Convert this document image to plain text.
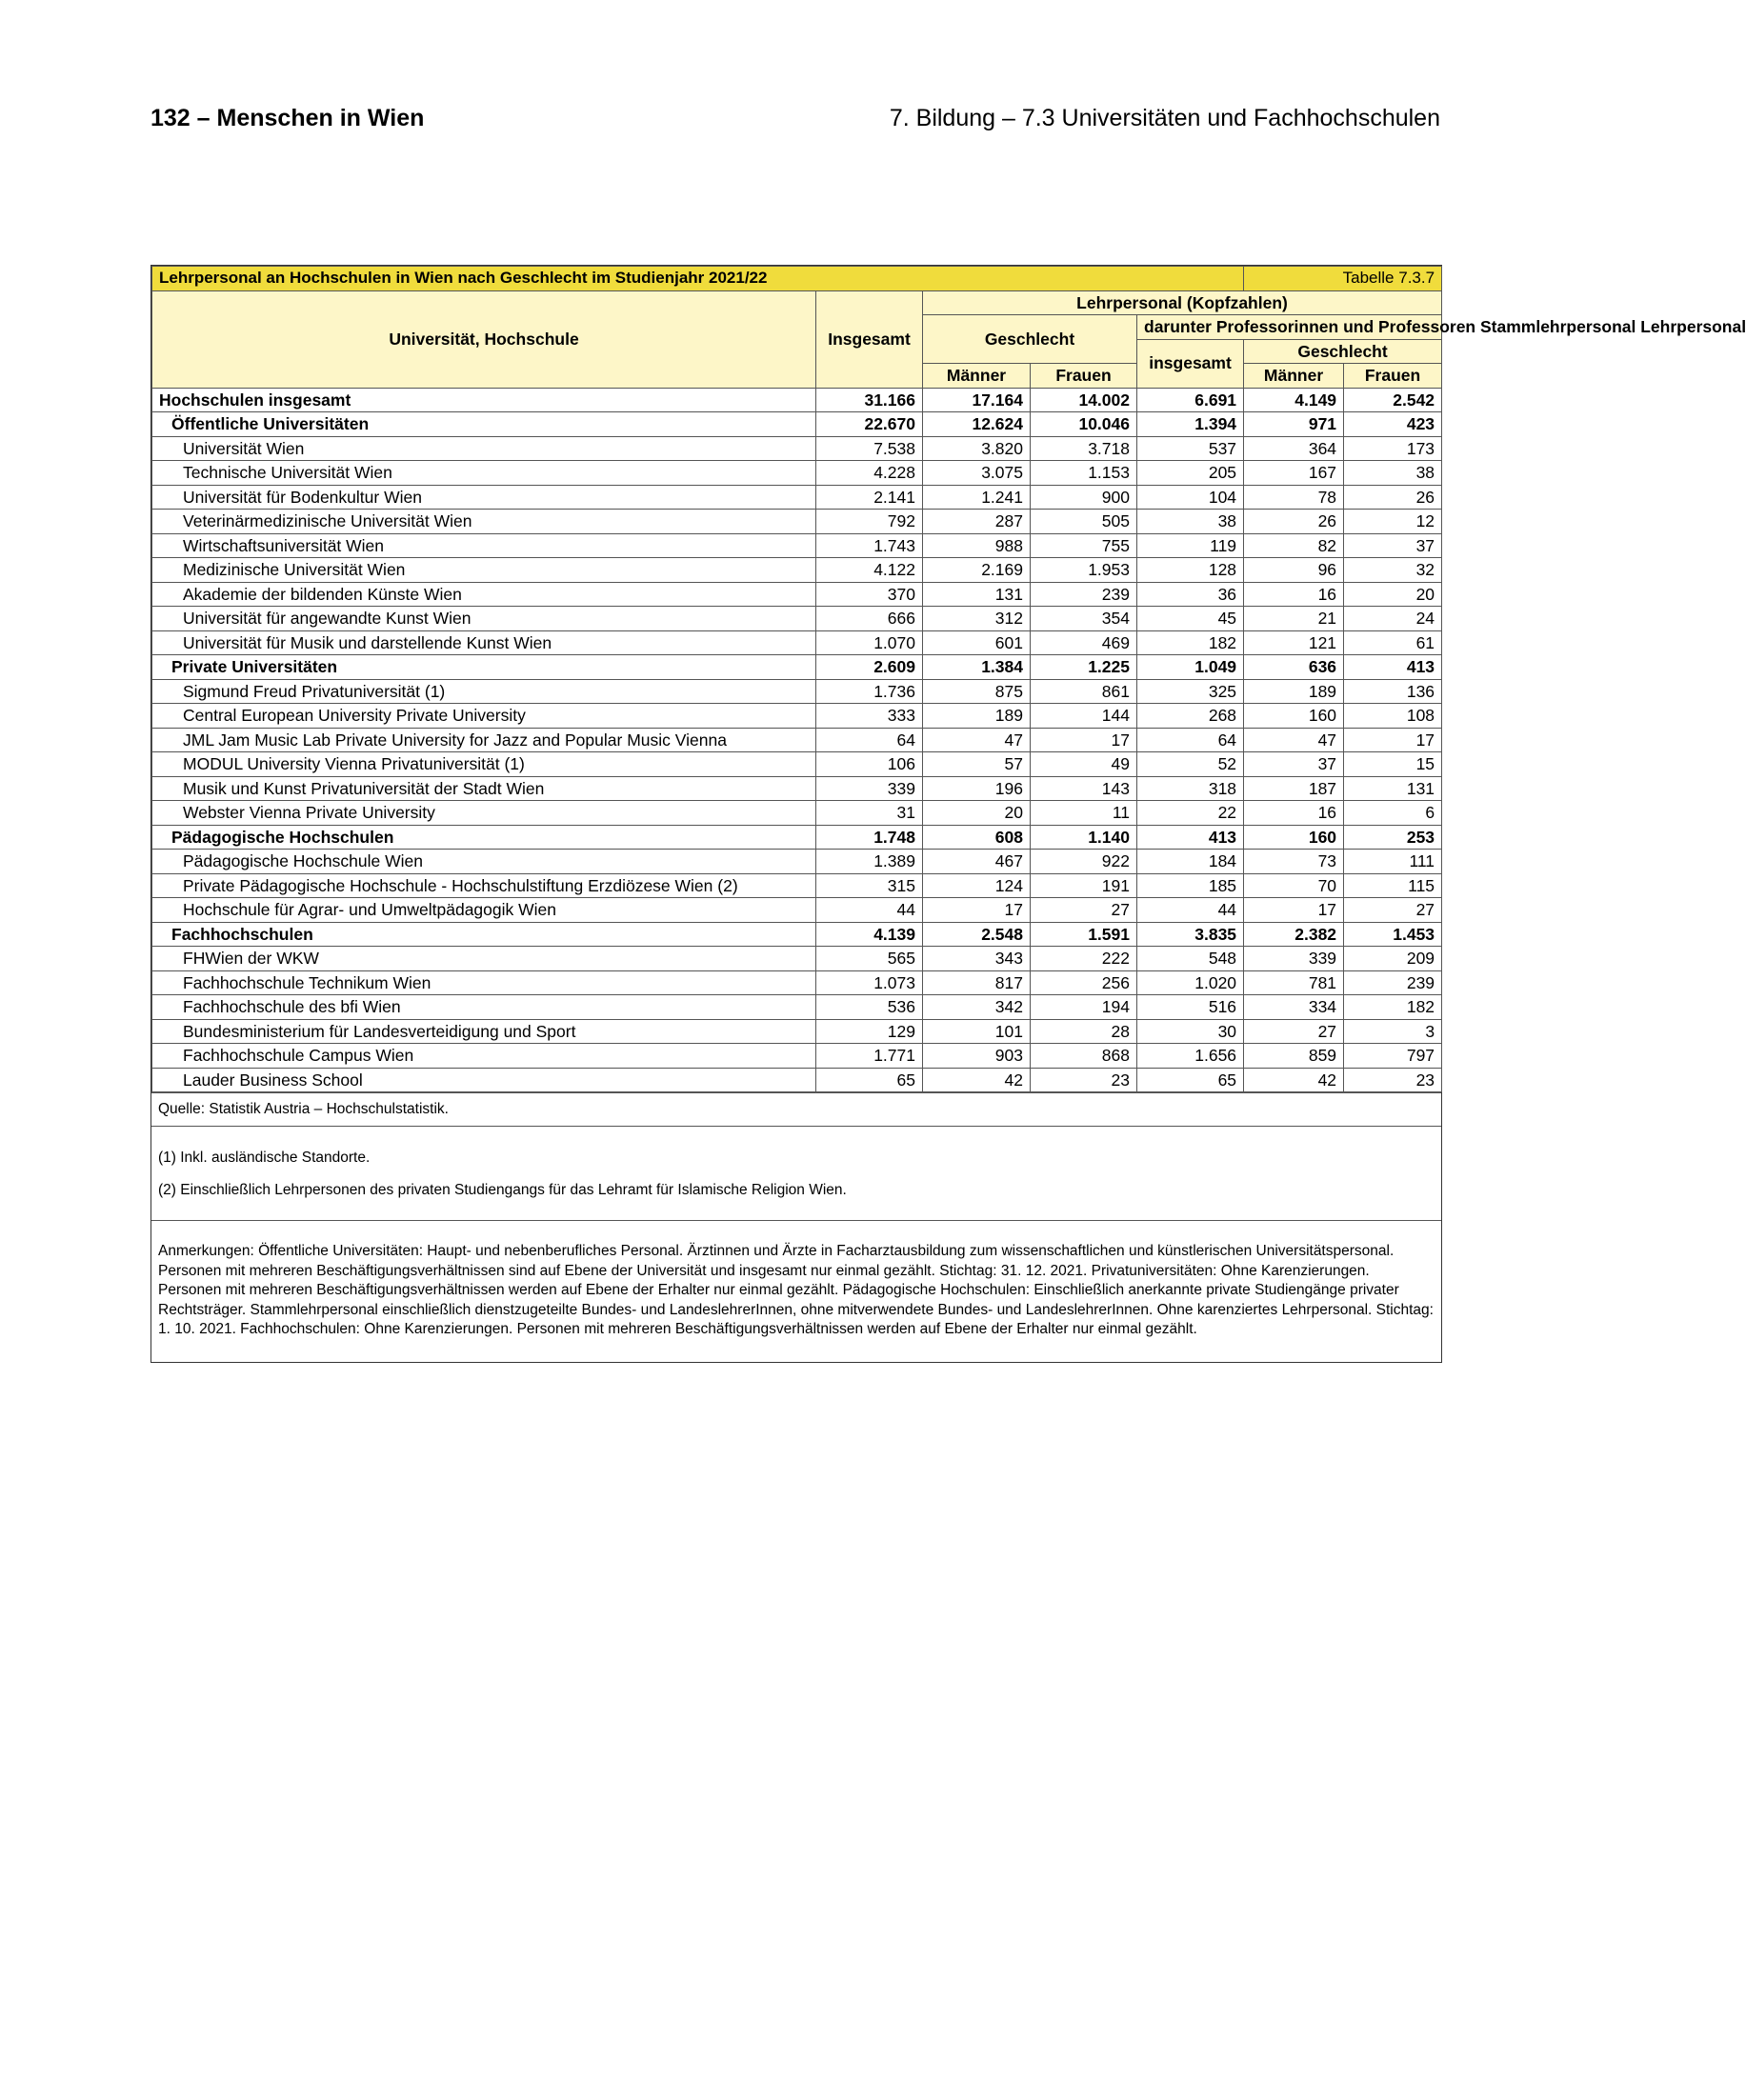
132 – Menschen in Wien	7. Bildung – 7.3 Universitäten und Fachhochschulen
Lehrpersonal an Hochschulen in Wien nach Geschlecht im Studienjahr 2021/22					Tabelle 7.3.7	
Universität, Hochschule	Insgesamt	Lehrpersonal (Kopfzahlen)				
		Geschlecht		darunter Professorinnen und Professoren Stammlehrpersonal Lehrpersonal		
				insgesamt	Geschlecht	
		Männer	Frauen		Männer	Frauen
Hochschulen insgesamt	31.166	17.164	14.002	6.691	4.149	2.542
Öffentliche Universitäten	22.670	12.624	10.046	1.394	971	423
Universität Wien	7.538	3.820	3.718	537	364	173
Technische Universität Wien	4.228	3.075	1.153	205	167	38
Universität für Bodenkultur Wien	2.141	1.241	900	104	78	26
Veterinärmedizinische Universität Wien	792	287	505	38	26	12
Wirtschaftsuniversität Wien	1.743	988	755	119	82	37
Medizinische Universität Wien	4.122	2.169	1.953	128	96	32
Akademie der bildenden Künste Wien	370	131	239	36	16	20
Universität für angewandte Kunst Wien	666	312	354	45	21	24
Universität für Musik und darstellende Kunst Wien	1.070	601	469	182	121	61
Private Universitäten	2.609	1.384	1.225	1.049	636	413
Sigmund Freud Privatuniversität (1)	1.736	875	861	325	189	136
Central European University Private University	333	189	144	268	160	108
JML Jam Music Lab Private University for Jazz and Popular Music Vienna	64	47	17	64	47	17
MODUL University Vienna Privatuniversität (1)	106	57	49	52	37	15
Musik und Kunst Privatuniversität der Stadt Wien	339	196	143	318	187	131
Webster Vienna Private University	31	20	11	22	16	6
Pädagogische Hochschulen	1.748	608	1.140	413	160	253
Pädagogische Hochschule Wien	1.389	467	922	184	73	111
Private Pädagogische Hochschule - Hochschulstiftung Erzdiözese Wien (2)	315	124	191	185	70	115
Hochschule für Agrar- und Umweltpädagogik Wien	44	17	27	44	17	27
Fachhochschulen	4.139	2.548	1.591	3.835	2.382	1.453
FHWien der WKW	565	343	222	548	339	209
Fachhochschule Technikum Wien	1.073	817	256	1.020	781	239
Fachhochschule des bfi Wien	536	342	194	516	334	182
Bundesministerium für Landesverteidigung und Sport	129	101	28	30	27	3
Fachhochschule Campus Wien	1.771	903	868	1.656	859	797
Lauder Business School	65	42	23	65	42	23

Quelle: Statistik Austria – Hochschulstatistik.

(1) Inkl. ausländische Standorte.

(2) Einschließlich Lehrpersonen des privaten Studiengangs für das Lehramt für Islamische Religion Wien.

Anmerkungen: Öffentliche Universitäten: Haupt- und nebenberufliches Personal. Ärztinnen und Ärzte in Facharztausbildung zum wissenschaftlichen und künstlerischen Universitätspersonal. Personen mit mehreren Beschäftigungsverhältnissen sind auf Ebene der Universität und insgesamt nur einmal gezählt. Stichtag: 31. 12. 2021. Privatuniversitäten: Ohne Karenzierungen. Personen mit mehreren Beschäftigungsverhältnissen werden auf Ebene der Erhalter nur einmal gezählt. Pädagogische Hochschulen: Einschließlich anerkannte private Studiengänge privater Rechtsträger. Stammlehrpersonal einschließlich dienstzugeteilte Bundes- und LandeslehrerInnen, ohne mitverwendete Bundes- und LandeslehrerInnen. Ohne karenziertes Lehrpersonal. Stichtag: 1. 10. 2021. Fachhochschulen: Ohne Karenzierungen. Personen mit mehreren Beschäftigungsverhältnissen werden auf Ebene der Erhalter nur einmal gezählt.
